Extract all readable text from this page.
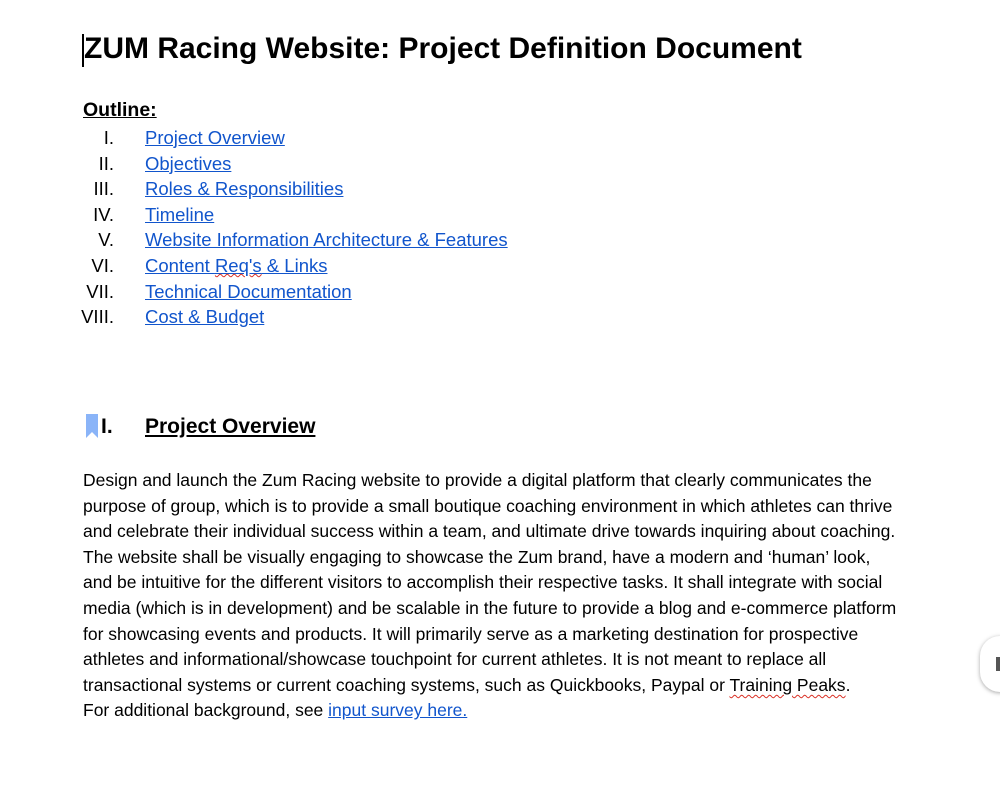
ZUM Racing Website: Project Definition Document
Outline:
I. Project Overview
II. Objectives
III. Roles & Responsibilities
IV. Timeline
V. Website Information Architecture & Features
VI. Content Req's & Links
VII. Technical Documentation
VIII. Cost & Budget
I. Project Overview

Design and launch the Zum Racing website to provide a digital platform that clearly communicates the purpose of group, which is to provide a small boutique coaching environment in which athletes can thrive and celebrate their individual success within a team, and ultimate drive towards inquiring about coaching.

The website shall be visually engaging to showcase the Zum brand, have a modern and ‘human’ look, and be intuitive for the different visitors to accomplish their respective tasks. It shall integrate with social media (which is in development) and be scalable in the future to provide a blog and e-commerce platform for showcasing events and products. It will primarily serve as a marketing destination for prospective athletes and informational/showcase touchpoint for current athletes. It is not meant to replace all transactional systems or current coaching systems, such as Quickbooks, Paypal or Training Peaks.

For additional background, see input survey here.
